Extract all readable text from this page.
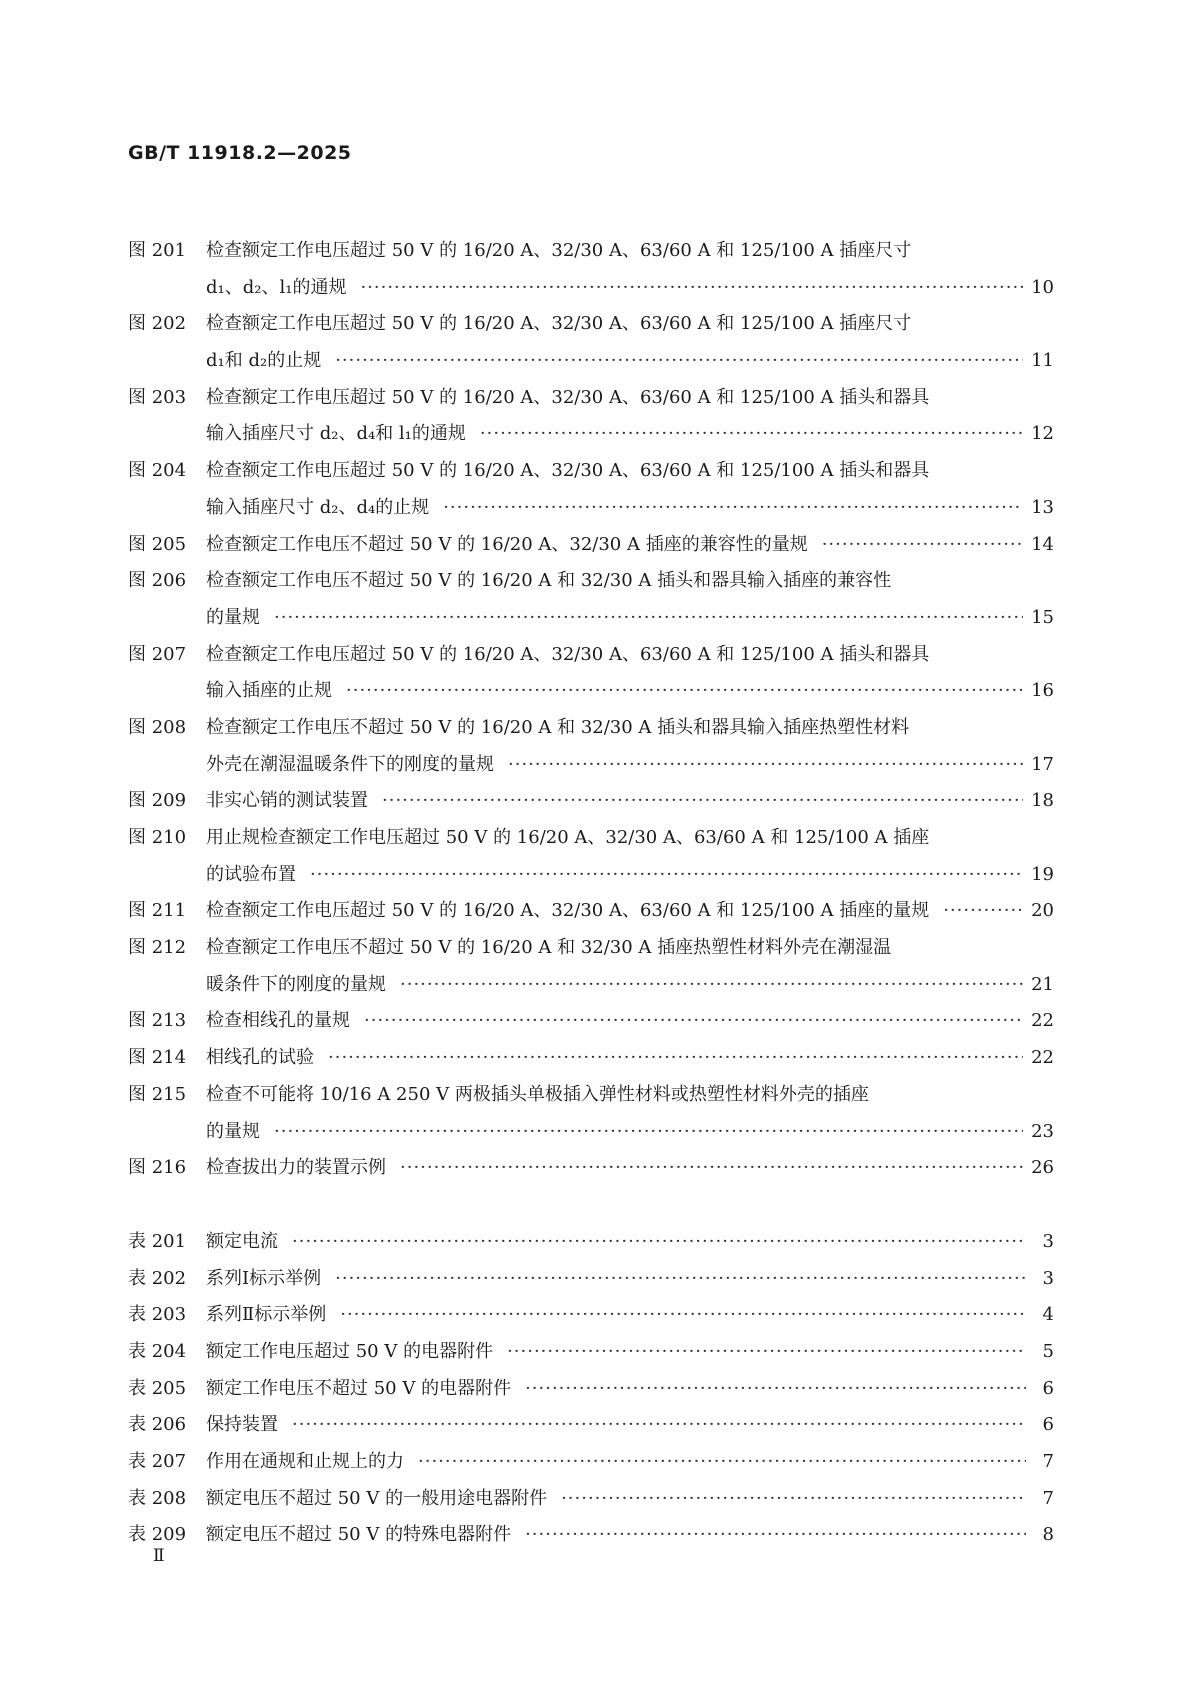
GB/T 11918.2—2025
图 201	检查额定工作电压超过 50 V 的 16/20 A、32/30 A、63/60 A 和 125/100 A 插座尺寸
d₁、d₂、l₁的通规 ·····	10
图 202	检查额定工作电压超过 50 V 的 16/20 A、32/30 A、63/60 A 和 125/100 A 插座尺寸
d₁和 d₂的止规 ·····	11
图 203	检查额定工作电压超过 50 V 的 16/20 A、32/30 A、63/60 A 和 125/100 A 插头和器具
输入插座尺寸 d₂、d₄和 l₁的通规 ·····	12
图 204	检查额定工作电压超过 50 V 的 16/20 A、32/30 A、63/60 A 和 125/100 A 插头和器具
输入插座尺寸 d₂、d₄的止规 ·····	13
图 205	检查额定工作电压不超过 50 V 的 16/20 A、32/30 A 插座的兼容性的量规 ·····	14
图 206	检查额定工作电压不超过 50 V 的 16/20 A 和 32/30 A 插头和器具输入插座的兼容性
的量规 ·····	15
图 207	检查额定工作电压超过 50 V 的 16/20 A、32/30 A、63/60 A 和 125/100 A 插头和器具
输入插座的止规 ·····	16
图 208	检查额定工作电压不超过 50 V 的 16/20 A 和 32/30 A 插头和器具输入插座热塑性材料
外壳在潮湿温暖条件下的刚度的量规 ·····	17
图 209	非实心销的测试装置 ·····	18
图 210	用止规检查额定工作电压超过 50 V 的 16/20 A、32/30 A、63/60 A 和 125/100 A 插座
的试验布置 ·····	19
图 211	检查额定工作电压超过 50 V 的 16/20 A、32/30 A、63/60 A 和 125/100 A 插座的量规 ·····	20
图 212	检查额定工作电压不超过 50 V 的 16/20 A 和 32/30 A 插座热塑性材料外壳在潮湿温
暖条件下的刚度的量规 ·····	21
图 213	检查相线孔的量规 ·····	22
图 214	相线孔的试验 ·····	22
图 215	检查不可能将 10/16 A 250 V 两极插头单极插入弹性材料或热塑性材料外壳的插座
的量规 ·····	23
图 216	检查拔出力的装置示例 ·····	26
表 201	额定电流 ·····	3
表 202	系列Ⅰ标示举例 ·····	3
表 203	系列Ⅱ标示举例 ·····	4
表 204	额定工作电压超过 50 V 的电器附件 ·····	5
表 205	额定工作电压不超过 50 V 的电器附件 ·····	6
表 206	保持装置 ·····	6
表 207	作用在通规和止规上的力 ·····	7
表 208	额定电压不超过 50 V 的一般用途电器附件 ·····	7
表 209	额定电压不超过 50 V 的特殊电器附件 ·····	8
Ⅱ
